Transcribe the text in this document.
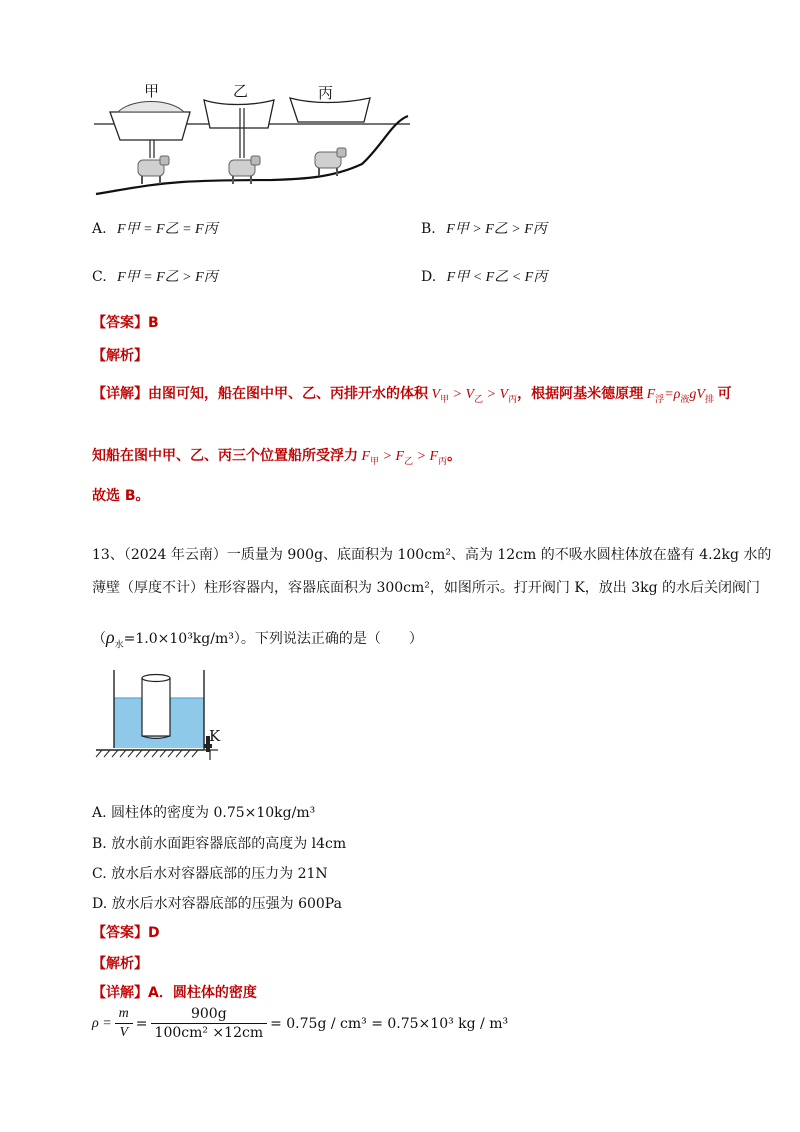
甲	乙	丙
A. F甲 = F乙 = F丙	B. F甲 > F乙 > F丙
C. F甲 = F乙 > F丙	D. F甲 < F乙 < F丙
【答案】B
【解析】
【详解】由图可知，船在图中甲、乙、丙排开水的体积 $V_甲 > V_乙 > V_丙$，根据阿基米德原理 $F_浮=\rho_液gV_排$ 可
知船在图中甲、乙、丙三个位置船所受浮力 $F_甲 > F_乙 > F_丙$。
故选 B。
13、（2024 年云南）一质量为 900g、底面积为 100cm²、高为 12cm 的不吸水圆柱体放在盛有 4.2kg 水的
薄壁（厚度不计）柱形容器内，容器底面积为 300cm²，如图所示。打开阀门 K，放出 3kg 的水后关闭阀门
$(\rho_水=1.0\times 10^3kg/m^3)$。下列说法正确的是（　　）
K
A. 圆柱体的密度为 0.75×10kg/m³
B. 放水前水面距容器底部的高度为 l4cm
C. 放水后水对容器底部的压力为 21N
D. 放水后水对容器底部的压强为 600Pa
【答案】D
【解析】
【详解】A．圆柱体的密度
$\rho = \frac{m}{V} = \frac{900g}{\text{100cm² ×12cm}} = 0.75g / cm^3 = 0.75\times 10^3$ kg / m³
